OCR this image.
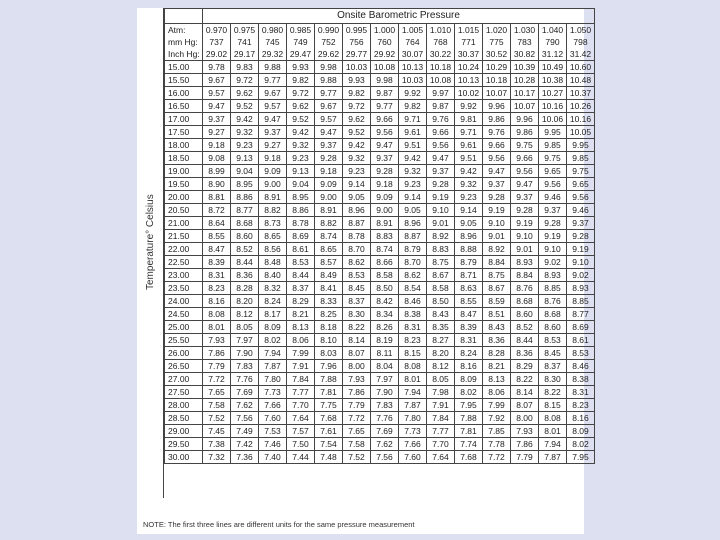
Temperature° Celsius
	Onsite Barometric Pressure													
Atm:	0.970	0.975	0.980	0.985	0.990	0.995	1.000	1.005	1.010	1.015	1.020	1.030	1.040	1.050
mm Hg:	737	741	745	749	752	756	760	764	768	771	775	783	790	798
Inch Hg:	29.02	29.17	29.32	29.47	29.62	29.77	29.92	30.07	30.22	30.37	30.52	30.82	31.12	31.42
15.00	9.78	9.83	9.88	9.93	9.98	10.03	10.08	10.13	10.18	10.24	10.29	10.39	10.49	10.60
15.50	9.67	9.72	9.77	9.82	9.88	9.93	9.98	10.03	10.08	10.13	10.18	10.28	10.38	10.48
16.00	9.57	9.62	9.67	9.72	9.77	9.82	9.87	9.92	9.97	10.02	10.07	10.17	10.27	10.37
16.50	9.47	9.52	9.57	9.62	9.67	9.72	9.77	9.82	9.87	9.92	9.96	10.07	10.16	10.26
17.00	9.37	9.42	9.47	9.52	9.57	9.62	9.66	9.71	9.76	9.81	9.86	9.96	10.06	10.16
17.50	9.27	9.32	9.37	9.42	9.47	9.52	9.56	9.61	9.66	9.71	9.76	9.86	9.95	10.05
18.00	9.18	9.23	9.27	9.32	9.37	9.42	9.47	9.51	9.56	9.61	9.66	9.75	9.85	9.95
18.50	9.08	9.13	9.18	9.23	9.28	9.32	9.37	9.42	9.47	9.51	9.56	9.66	9.75	9.85
19.00	8.99	9.04	9.09	9.13	9.18	9.23	9.28	9.32	9.37	9.42	9.47	9.56	9.65	9.75
19.50	8.90	8.95	9.00	9.04	9.09	9.14	9.18	9.23	9.28	9.32	9.37	9.47	9.56	9.65
20.00	8.81	8.86	8.91	8.95	9.00	9.05	9.09	9.14	9.19	9.23	9.28	9.37	9.46	9.56
20.50	8.72	8.77	8.82	8.86	8.91	8.96	9.00	9.05	9.10	9.14	9.19	9.28	9.37	9.46
21.00	8.64	8.68	8.73	8.78	8.82	8.87	8.91	8.96	9.01	9.05	9.10	9.19	9.28	9.37
21.50	8.55	8.60	8.65	8.69	8.74	8.78	8.83	8.87	8.92	8.96	9.01	9.10	9.19	9.28
22.00	8.47	8.52	8.56	8.61	8.65	8.70	8.74	8.79	8.83	8.88	8.92	9.01	9.10	9.19
22.50	8.39	8.44	8.48	8.53	8.57	8.62	8.66	8.70	8.75	8.79	8.84	8.93	9.02	9.10
23.00	8.31	8.36	8.40	8.44	8.49	8.53	8.58	8.62	8.67	8.71	8.75	8.84	8.93	9.02
23.50	8.23	8.28	8.32	8.37	8.41	8.45	8.50	8.54	8.58	8.63	8.67	8.76	8.85	8.93
24.00	8.16	8.20	8.24	8.29	8.33	8.37	8.42	8.46	8.50	8.55	8.59	8.68	8.76	8.85
24.50	8.08	8.12	8.17	8.21	8.25	8.30	8.34	8.38	8.43	8.47	8.51	8.60	8.68	8.77
25.00	8.01	8.05	8.09	8.13	8.18	8.22	8.26	8.31	8.35	8.39	8.43	8.52	8.60	8.69
25.50	7.93	7.97	8.02	8.06	8.10	8.14	8.19	8.23	8.27	8.31	8.36	8.44	8.53	8.61
26.00	7.86	7.90	7.94	7.99	8.03	8.07	8.11	8.15	8.20	8.24	8.28	8.36	8.45	8.53
26.50	7.79	7.83	7.87	7.91	7.96	8.00	8.04	8.08	8.12	8.16	8.21	8.29	8.37	8.46
27.00	7.72	7.76	7.80	7.84	7.88	7.93	7.97	8.01	8.05	8.09	8.13	8.22	8.30	8.38
27.50	7.65	7.69	7.73	7.77	7.81	7.86	7.90	7.94	7.98	8.02	8.06	8.14	8.22	8.31
28.00	7.58	7.62	7.66	7.70	7.75	7.79	7.83	7.87	7.91	7.95	7.99	8.07	8.15	8.23
28.50	7.52	7.56	7.60	7.64	7.68	7.72	7.76	7.80	7.84	7.88	7.92	8.00	8.08	8.16
29.00	7.45	7.49	7.53	7.57	7.61	7.65	7.69	7.73	7.77	7.81	7.85	7.93	8.01	8.09
29.50	7.38	7.42	7.46	7.50	7.54	7.58	7.62	7.66	7.70	7.74	7.78	7.86	7.94	8.02
30.00	7.32	7.36	7.40	7.44	7.48	7.52	7.56	7.60	7.64	7.68	7.72	7.79	7.87	7.95
NOTE: The first three lines are different units for the same pressure measurement
